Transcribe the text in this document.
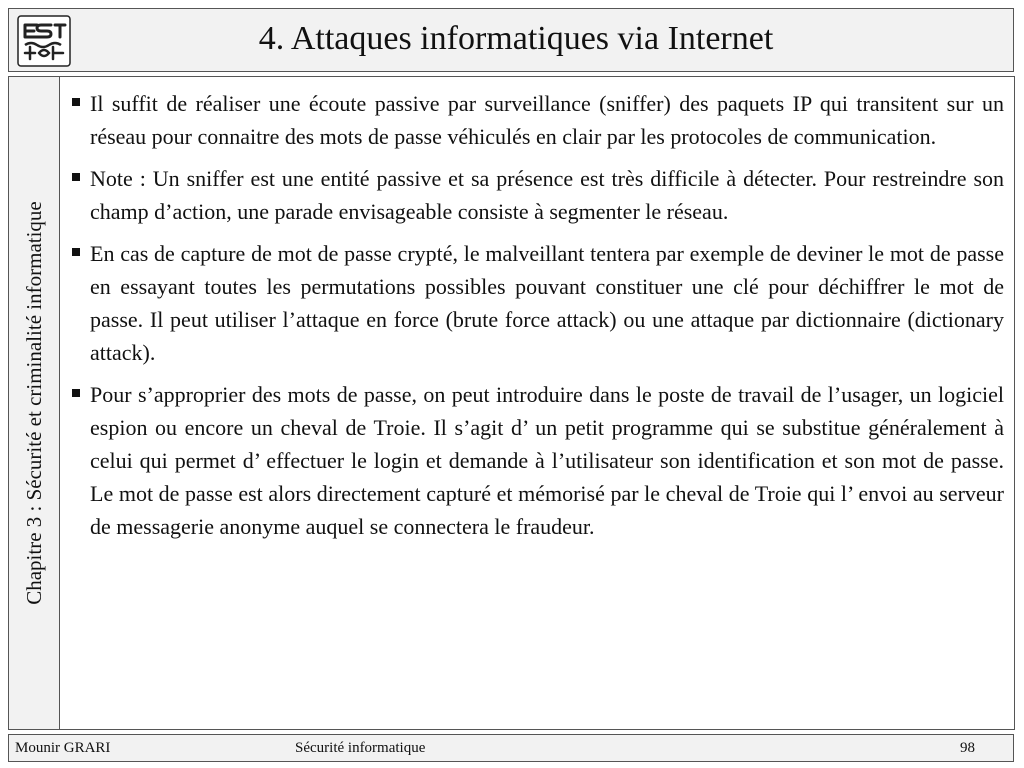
4. Attaques informatiques via Internet
Chapitre 3 : Sécurité et criminalité informatique
Il suffit de réaliser une écoute passive par surveillance (sniffer) des paquets IP qui transitent sur un réseau pour connaitre des mots de passe véhiculés en clair par les protocoles de communication.
Note : Un sniffer est une entité passive et sa présence est très difficile à détecter. Pour restreindre son champ d’action, une parade envisageable consiste à segmenter le réseau.
En cas de capture de mot de passe crypté, le malveillant tentera par exemple de deviner le mot de passe en essayant toutes les permutations possibles pouvant constituer une clé pour déchiffrer le mot de passe. Il peut utiliser l’attaque en force (brute force attack) ou une attaque par dictionnaire (dictionary attack).
Pour s’approprier des mots de passe, on peut introduire dans le poste de travail de l’usager, un logiciel espion ou encore un cheval de Troie. Il s’agit d’ un petit programme qui se substitue généralement à celui qui permet d’ effectuer le login et demande à l’utilisateur son identification et son mot de passe. Le mot de passe est alors directement capturé et mémorisé par le cheval de Troie qui l’ envoi au serveur de messagerie anonyme auquel se connectera le fraudeur.
Mounir GRARI	Sécurité informatique	98
